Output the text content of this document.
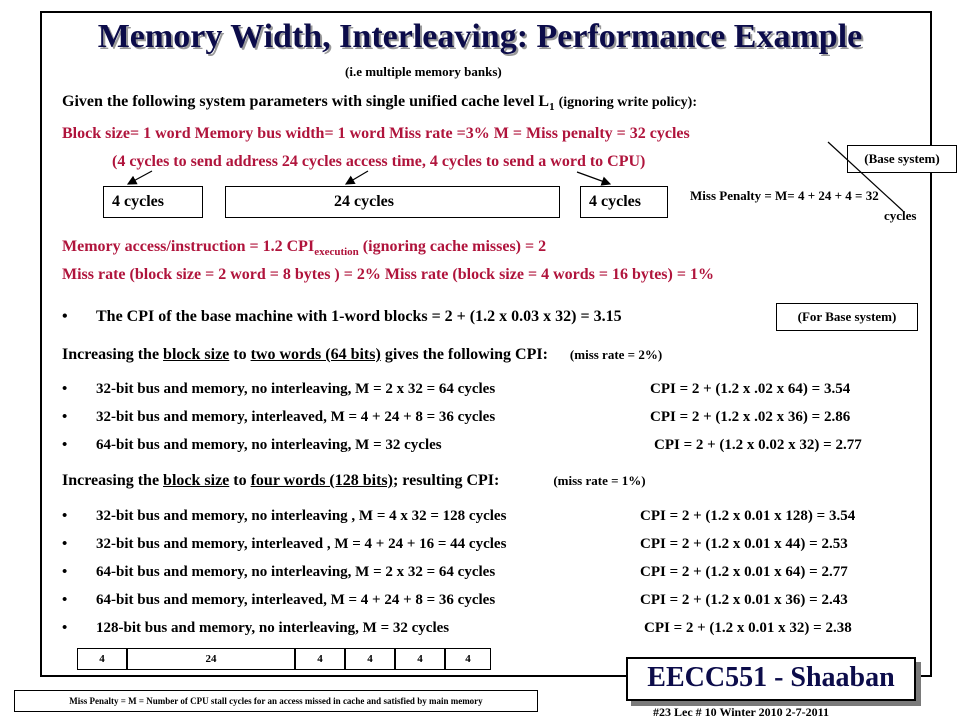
Memory Width, Interleaving: Performance Example
(i.e multiple memory banks)
Given the following system parameters with single unified cache level $L_1$ (ignoring write policy):
Block size= 1 word Memory bus width= 1 word Miss rate =3% M = Miss penalty = 32 cycles
(4 cycles to send address 24 cycles access time, 4 cycles to send a word to CPU)	(Base system)
4 cycles	24 cycles	4 cycles	Miss Penalty = M= 4 + 24 + 4 = 32
cycles
Memory access/instruction = 1.2 $CPI_{execution}$ (ignoring cache misses) = 2
Miss rate (block size = 2 word = 8 bytes ) = 2% Miss rate (block size = 4 words = 16 bytes) = 1%
• The CPI of the base machine with 1-word blocks = 2 + (1.2 x 0.03 x 32) = 3.15	(For Base system)
Increasing the block size to two words (64 bits) gives the following CPI: (miss rate = 2%)
• 32-bit bus and memory, no interleaving, M = 2 x 32 = 64 cycles	CPI = 2 + (1.2 x .02 x 64) = 3.54
• 32-bit bus and memory, interleaved, M = 4 + 24 + 8 = 36 cycles	CPI = 2 + (1.2 x .02 x 36) = 2.86
• 64-bit bus and memory, no interleaving, M = 32 cycles	CPI = 2 + (1.2 x 0.02 x 32) = 2.77
Increasing the block size to four words (128 bits); resulting CPI:	(miss rate = 1%)
• 32-bit bus and memory, no interleaving , M = 4 x 32 = 128 cycles	CPI = 2 + (1.2 x 0.01 x 128) = 3.54
• 32-bit bus and memory, interleaved , M = 4 + 24 + 16 = 44 cycles	CPI = 2 + (1.2 x 0.01 x 44) = 2.53
• 64-bit bus and memory, no interleaving, M = 2 x 32 = 64 cycles	CPI = 2 + (1.2 x 0.01 x 64) = 2.77
• 64-bit bus and memory, interleaved, M = 4 + 24 + 8 = 36 cycles	CPI = 2 + (1.2 x 0.01 x 36) = 2.43
• 128-bit bus and memory, no interleaving, M = 32 cycles	CPI = 2 + (1.2 x 0.01 x 32) = 2.38
4	24	4	4	4	4
EECC551 - Shaaban
#23 Lec # 10 Winter 2010 2-7-2011
Miss Penalty = M = Number of CPU stall cycles for an access missed in cache and satisfied by main memory
